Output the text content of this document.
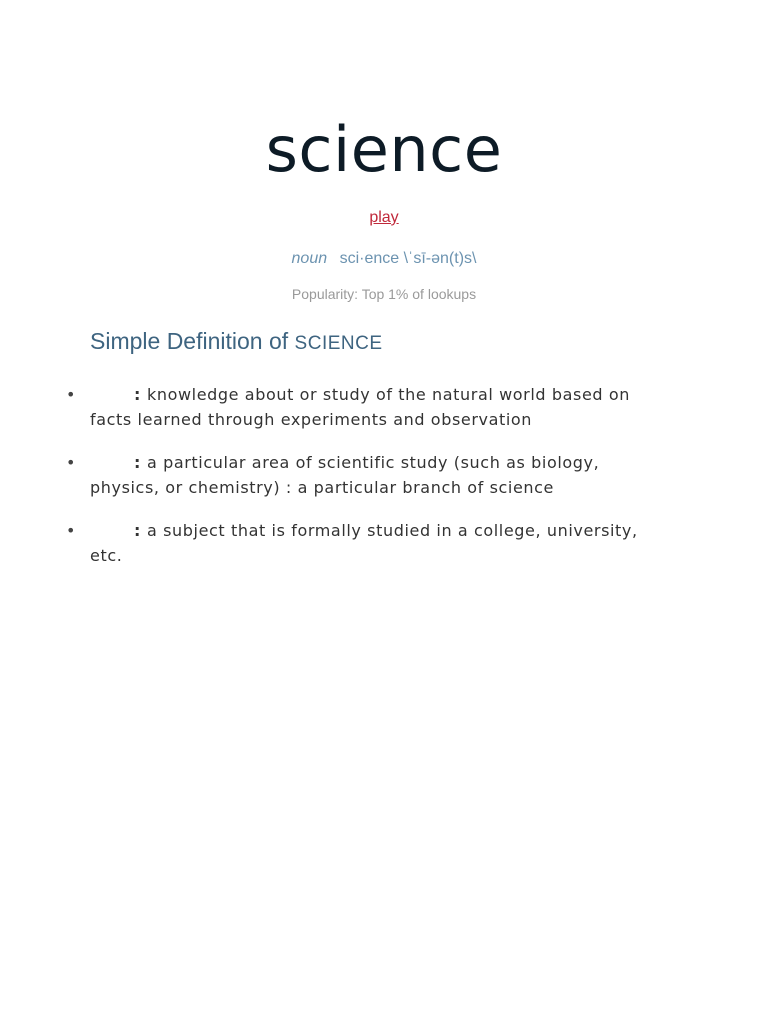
science
play
noun sci·ence \ˈsī-ən(t)s\
Popularity: Top 1% of lookups
Simple Definition of SCIENCE
•	: knowledge about or study of the natural world based on facts learned through experiments and observation
•	: a particular area of scientific study (such as biology, physics, or chemistry) : a particular branch of science
•	: a subject that is formally studied in a college, university, etc.
